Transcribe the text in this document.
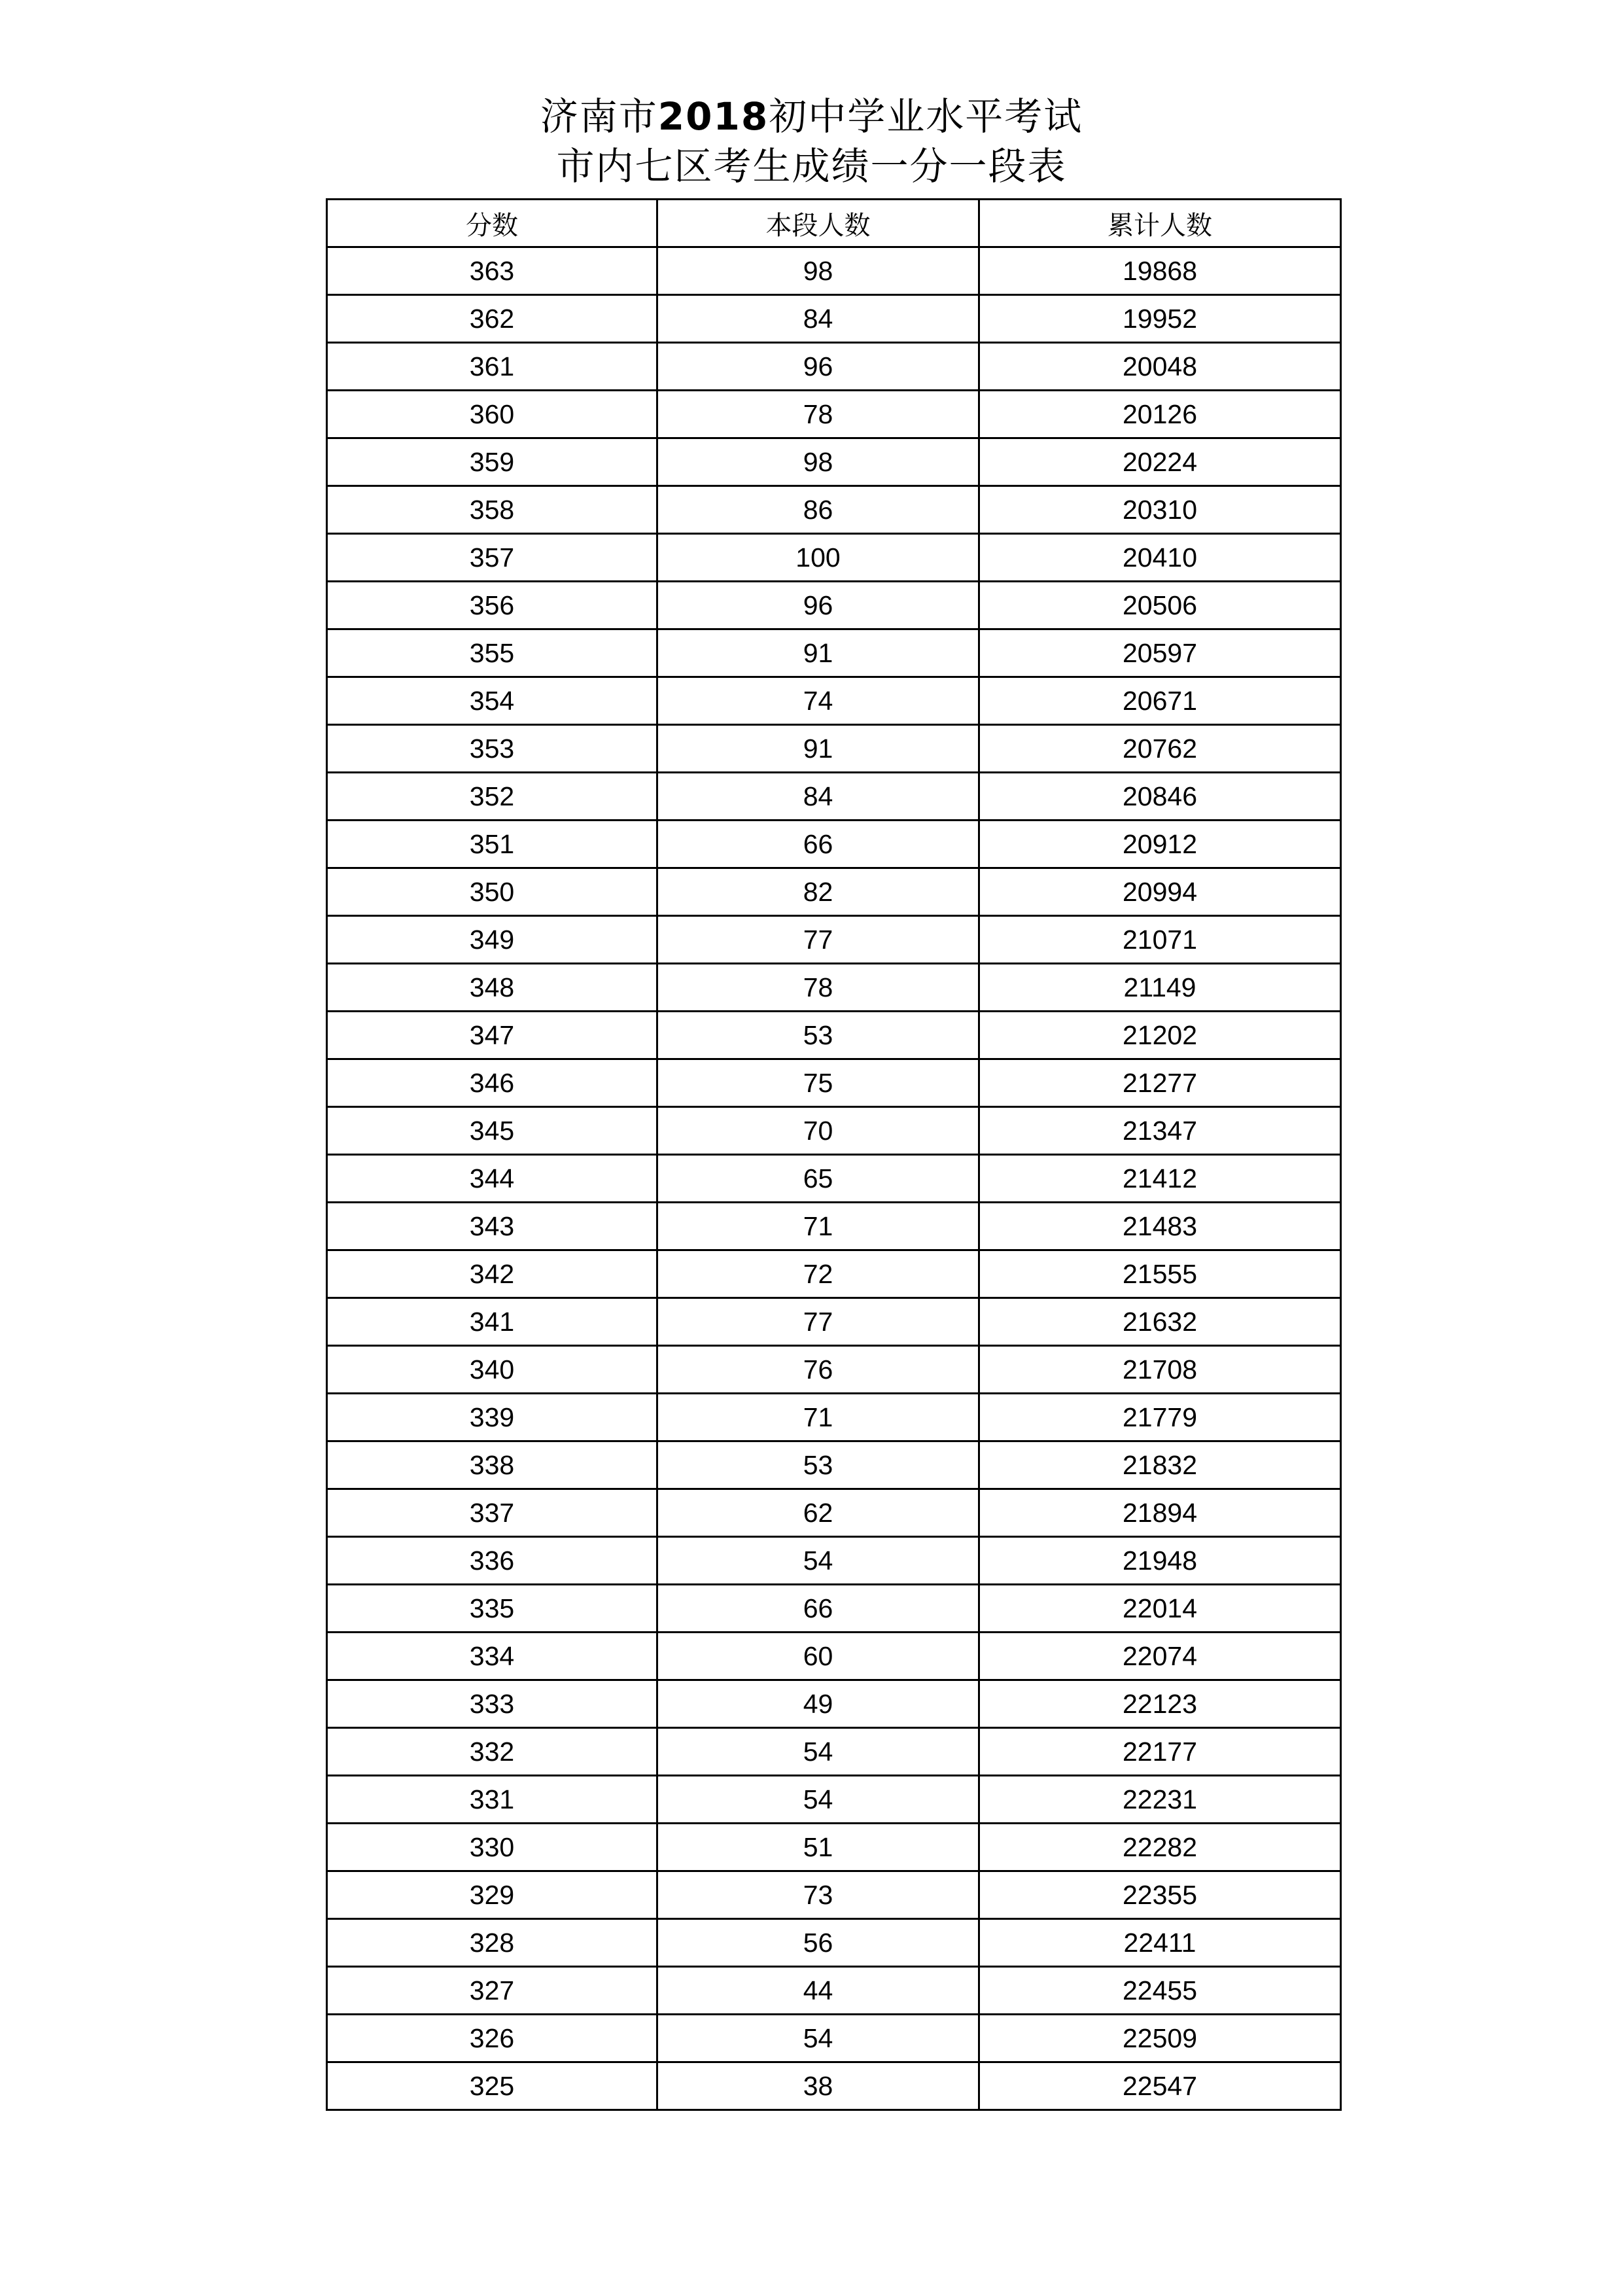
济南市2018初中学业水平考试

市内七区考生成绩一分一段表

分数	本段人数	累计人数
363	98	19868
362	84	19952
361	96	20048
360	78	20126
359	98	20224
358	86	20310
357	100	20410
356	96	20506
355	91	20597
354	74	20671
353	91	20762
352	84	20846
351	66	20912
350	82	20994
349	77	21071
348	78	21149
347	53	21202
346	75	21277
345	70	21347
344	65	21412
343	71	21483
342	72	21555
341	77	21632
340	76	21708
339	71	21779
338	53	21832
337	62	21894
336	54	21948
335	66	22014
334	60	22074
333	49	22123
332	54	22177
331	54	22231
330	51	22282
329	73	22355
328	56	22411
327	44	22455
326	54	22509
325	38	22547
